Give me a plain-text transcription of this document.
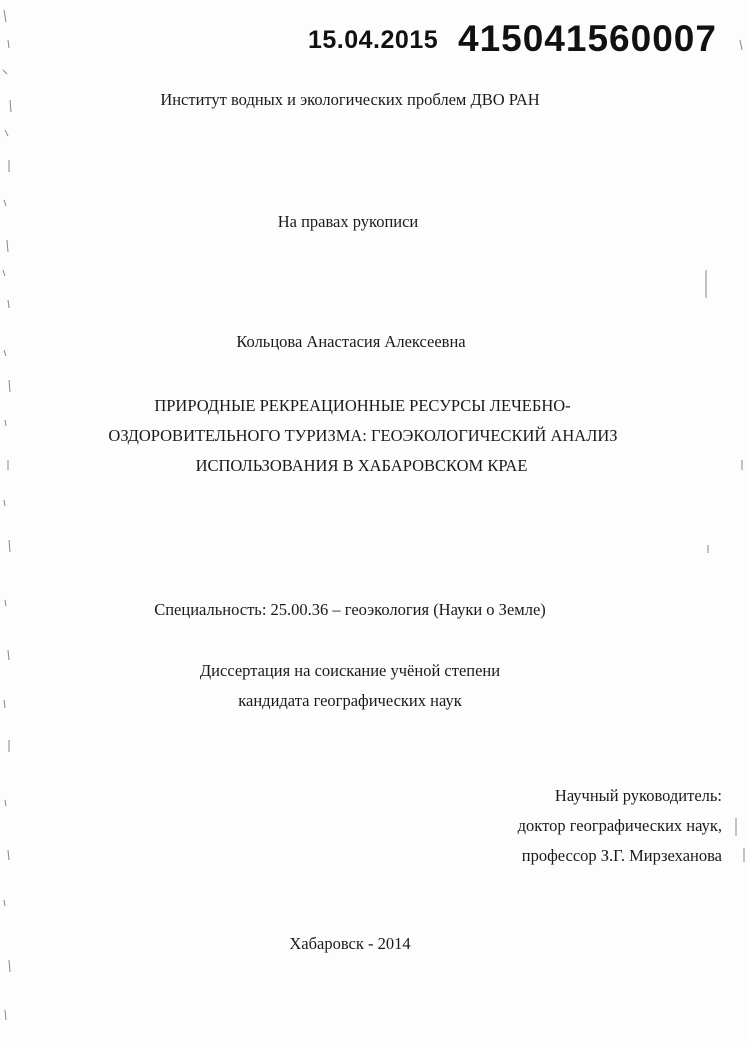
15.04.2015 415041560007
Институт водных и экологических проблем ДВО РАН
На правах рукописи
Кольцова Анастасия Алексеевна
ПРИРОДНЫЕ РЕКРЕАЦИОННЫЕ РЕСУРСЫ ЛЕЧЕБНО-
ОЗДОРОВИТЕЛЬНОГО ТУРИЗМА: ГЕОЭКОЛОГИЧЕСКИЙ АНАЛИЗ
ИСПОЛЬЗОВАНИЯ В ХАБАРОВСКОМ КРАЕ
Специальность: 25.00.36 – геоэкология (Науки о Земле)
Диссертация на соискание учёной степени
кандидата географических наук
Научный руководитель:
доктор географических наук,
профессор З.Г. Мирзеханова
Хабаровск - 2014
